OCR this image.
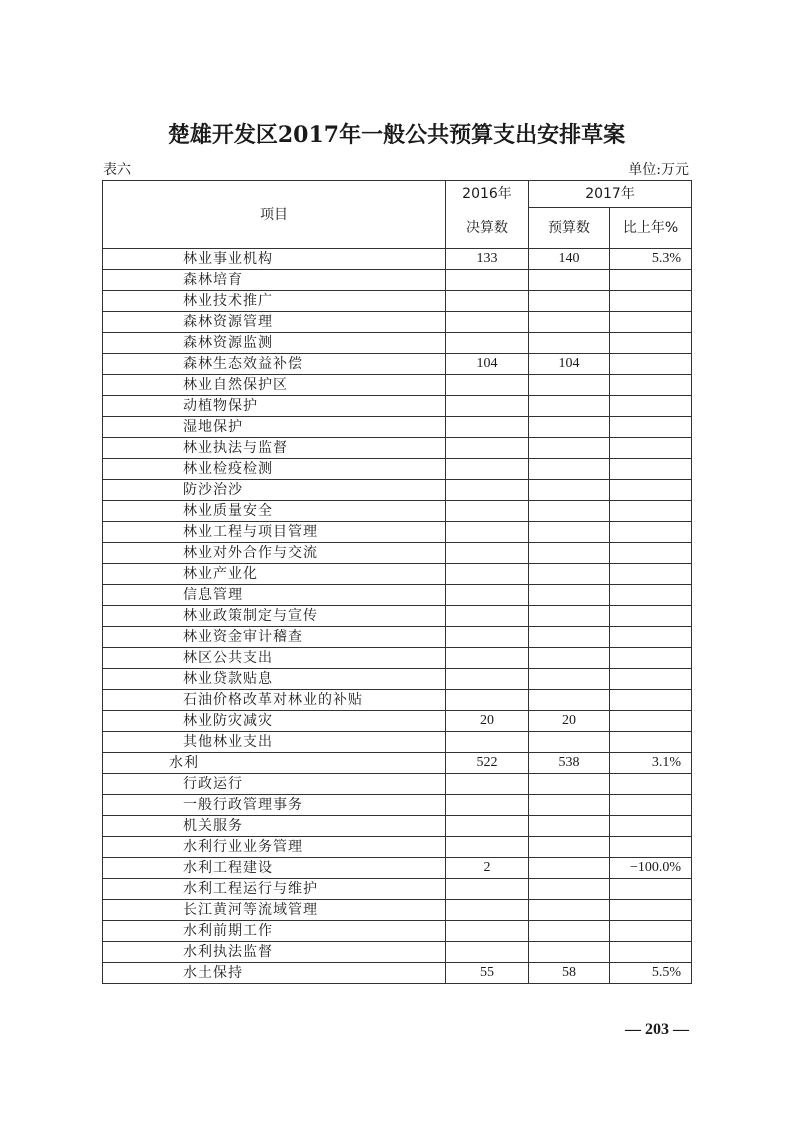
楚雄开发区2017年一般公共预算支出安排草案
表六	单位:万元
项目	2016年	2017年	
	决算数	预算数	比上年%
林业事业机构	133	140	5.3%
森林培育			
林业技术推广			
森林资源管理			
森林资源监测			
森林生态效益补偿	104	104	
林业自然保护区			
动植物保护			
湿地保护			
林业执法与监督			
林业检疫检测			
防沙治沙			
林业质量安全			
林业工程与项目管理			
林业对外合作与交流			
林业产业化			
信息管理			
林业政策制定与宣传			
林业资金审计稽查			
林区公共支出			
林业贷款贴息			
石油价格改革对林业的补贴			
林业防灾减灾	20	20	
其他林业支出			
水利	522	538	3.1%
行政运行			
一般行政管理事务			
机关服务			
水利行业业务管理			
水利工程建设	2		−100.0%
水利工程运行与维护			
长江黄河等流域管理			
水利前期工作			
水利执法监督			
水土保持	55	58	5.5%
— 203 —
